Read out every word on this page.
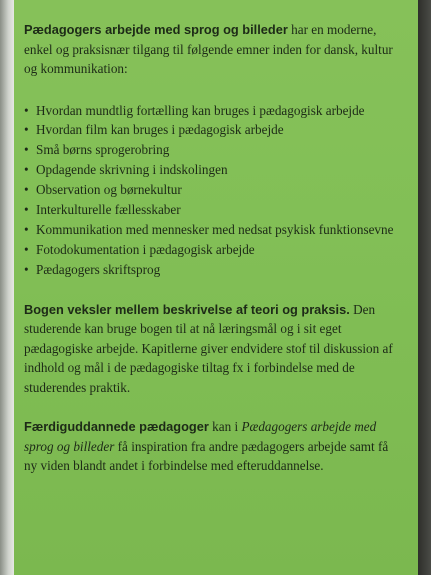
Pædagogers arbejde med sprog og billeder har en moderne, enkel og praksisnær tilgang til følgende emner inden for dansk, kultur og kommunikation:

• Hvordan mundtlig fortælling kan bruges i pædagogisk arbejde
• Hvordan film kan bruges i pædagogisk arbejde
• Små børns sprogerobring
• Opdagende skrivning i indskolingen
• Observation og børnekultur
• Interkulturelle fællesskaber
• Kommunikation med mennesker med nedsat psykisk funktionsevne
• Fotodokumentation i pædagogisk arbejde
• Pædagogers skriftsprog

Bogen veksler mellem beskrivelse af teori og praksis. Den studerende kan bruge bogen til at nå læringsmål og i sit eget pædagogiske arbejde. Kapitlerne giver endvidere stof til diskussion af indhold og mål i de pædagogiske tiltag fx i forbindelse med de studerendes praktik.

Færdiguddannede pædagoger kan i Pædagogers arbejde med sprog og billeder få inspiration fra andre pædagogers arbejde samt få ny viden blandt andet i forbindelse med efteruddannelse.
